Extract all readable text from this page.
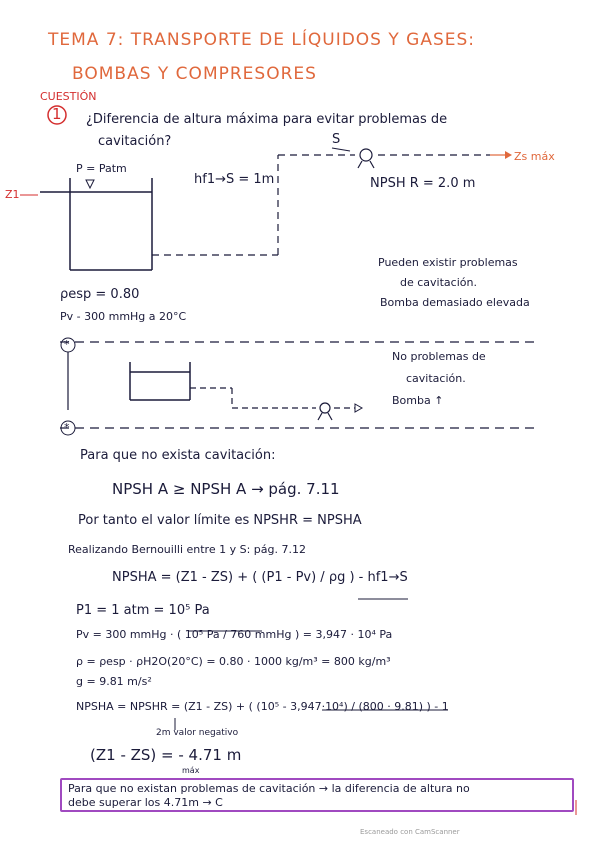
TEMA 7: TRANSPORTE DE LÍQUIDOS Y GASES:
BOMBAS Y COMPRESORES
CUESTIÓN
1 ¿Diferencia de altura máxima para evitar problemas de
cavitación?
P = Patm
Z1
hf1→S = 1m
S
Zs máx
NPSH R = 2.0 m
ρesp = 0.80
Pv - 300 mmHg a 20°C
Pueden existir problemas
de cavitación.
Bomba demasiado elevada
*
No problemas de
cavitación.
Bomba ↑
*
Para que no exista cavitación:
NPSH A ≥ NPSH A → pág. 7.11
Por tanto el valor límite es NPSHR = NPSHA
Realizando Bernouilli entre 1 y S: pág. 7.12
NPSHA = (Z1 - ZS) + ( (P1 - Pv) / ρg ) - hf1→S
P1 = 1 atm = 10⁵ Pa
Pv = 300 mmHg · ( 10⁵ Pa / 760 mmHg ) = 3,947 · 10⁴ Pa
ρ = ρesp · ρH2O(20°C) = 0.80 · 1000 kg/m³ = 800 kg/m³
g = 9.81 m/s²
NPSHA = NPSHR = (Z1 - ZS) + ( (10⁵ - 3,947·10⁴) / (800 · 9.81) ) - 1
2m valor negativo
(Z1 - ZS) = - 4.71 m
máx
Para que no existan problemas de cavitación → la diferencia de altura no
debe superar los 4.71m → C
Escaneado con CamScanner
